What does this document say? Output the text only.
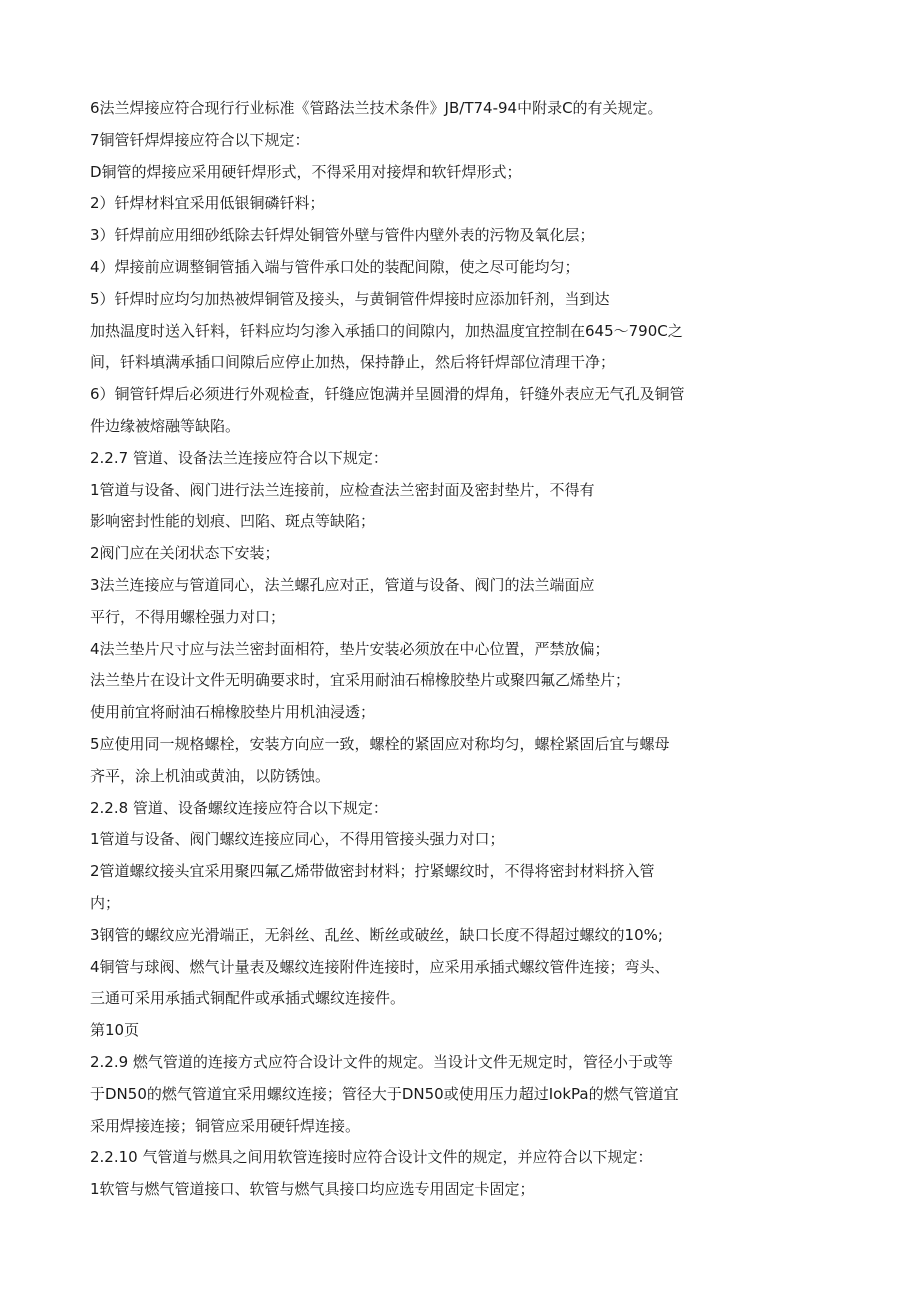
6法兰焊接应符合现行行业标准《管路法兰技术条件》JB/T74-94中附录C的有关规定。
7铜管钎焊焊接应符合以下规定：
D铜管的焊接应采用硬钎焊形式，不得采用对接焊和软钎焊形式；
2）钎焊材料宜采用低银铜磷钎料；
3）钎焊前应用细砂纸除去钎焊处铜管外壁与管件内壁外表的污物及氧化层；
4）焊接前应调整铜管插入端与管件承口处的装配间隙，使之尽可能均匀；
5）钎焊时应均匀加热被焊铜管及接头，与黄铜管件焊接时应添加钎剂，当到达
加热温度时送入钎料，钎料应均匀渗入承插口的间隙内，加热温度宜控制在645～790C之
间，钎料填满承插口间隙后应停止加热，保持静止，然后将钎焊部位清理干净；
6）铜管钎焊后必须进行外观检查，钎缝应饱满并呈圆滑的焊角，钎缝外表应无气孔及铜管
件边缘被熔融等缺陷。
2.2.7 管道、设备法兰连接应符合以下规定：
1管道与设备、阀门进行法兰连接前，应检查法兰密封面及密封垫片，不得有
影响密封性能的划痕、凹陷、斑点等缺陷；
2阀门应在关闭状态下安装；
3法兰连接应与管道同心，法兰螺孔应对正，管道与设备、阀门的法兰端面应
平行，不得用螺栓强力对口；
4法兰垫片尺寸应与法兰密封面相符，垫片安装必须放在中心位置，严禁放偏；
法兰垫片在设计文件无明确要求时，宜采用耐油石棉橡胶垫片或聚四氟乙烯垫片；
使用前宜将耐油石棉橡胶垫片用机油浸透；
5应使用同一规格螺栓，安装方向应一致，螺栓的紧固应对称均匀，螺栓紧固后宜与螺母
齐平，涂上机油或黄油，以防锈蚀。
2.2.8 管道、设备螺纹连接应符合以下规定：
1管道与设备、阀门螺纹连接应同心，不得用管接头强力对口；
2管道螺纹接头宜采用聚四氟乙烯带做密封材料；拧紧螺纹时，不得将密封材料挤入管
内；
3钢管的螺纹应光滑端正，无斜丝、乱丝、断丝或破丝，缺口长度不得超过螺纹的10%;
4铜管与球阀、燃气计量表及螺纹连接附件连接时，应采用承插式螺纹管件连接；弯头、
三通可采用承插式铜配件或承插式螺纹连接件。
第10页
2.2.9 燃气管道的连接方式应符合设计文件的规定。当设计文件无规定时，管径小于或等
于DN50的燃气管道宜采用螺纹连接；管径大于DN50或使用压力超过IokPa的燃气管道宜
采用焊接连接；铜管应采用硬钎焊连接。
2.2.10 气管道与燃具之间用软管连接时应符合设计文件的规定，并应符合以下规定：
1软管与燃气管道接口、软管与燃气具接口均应选专用固定卡固定；
